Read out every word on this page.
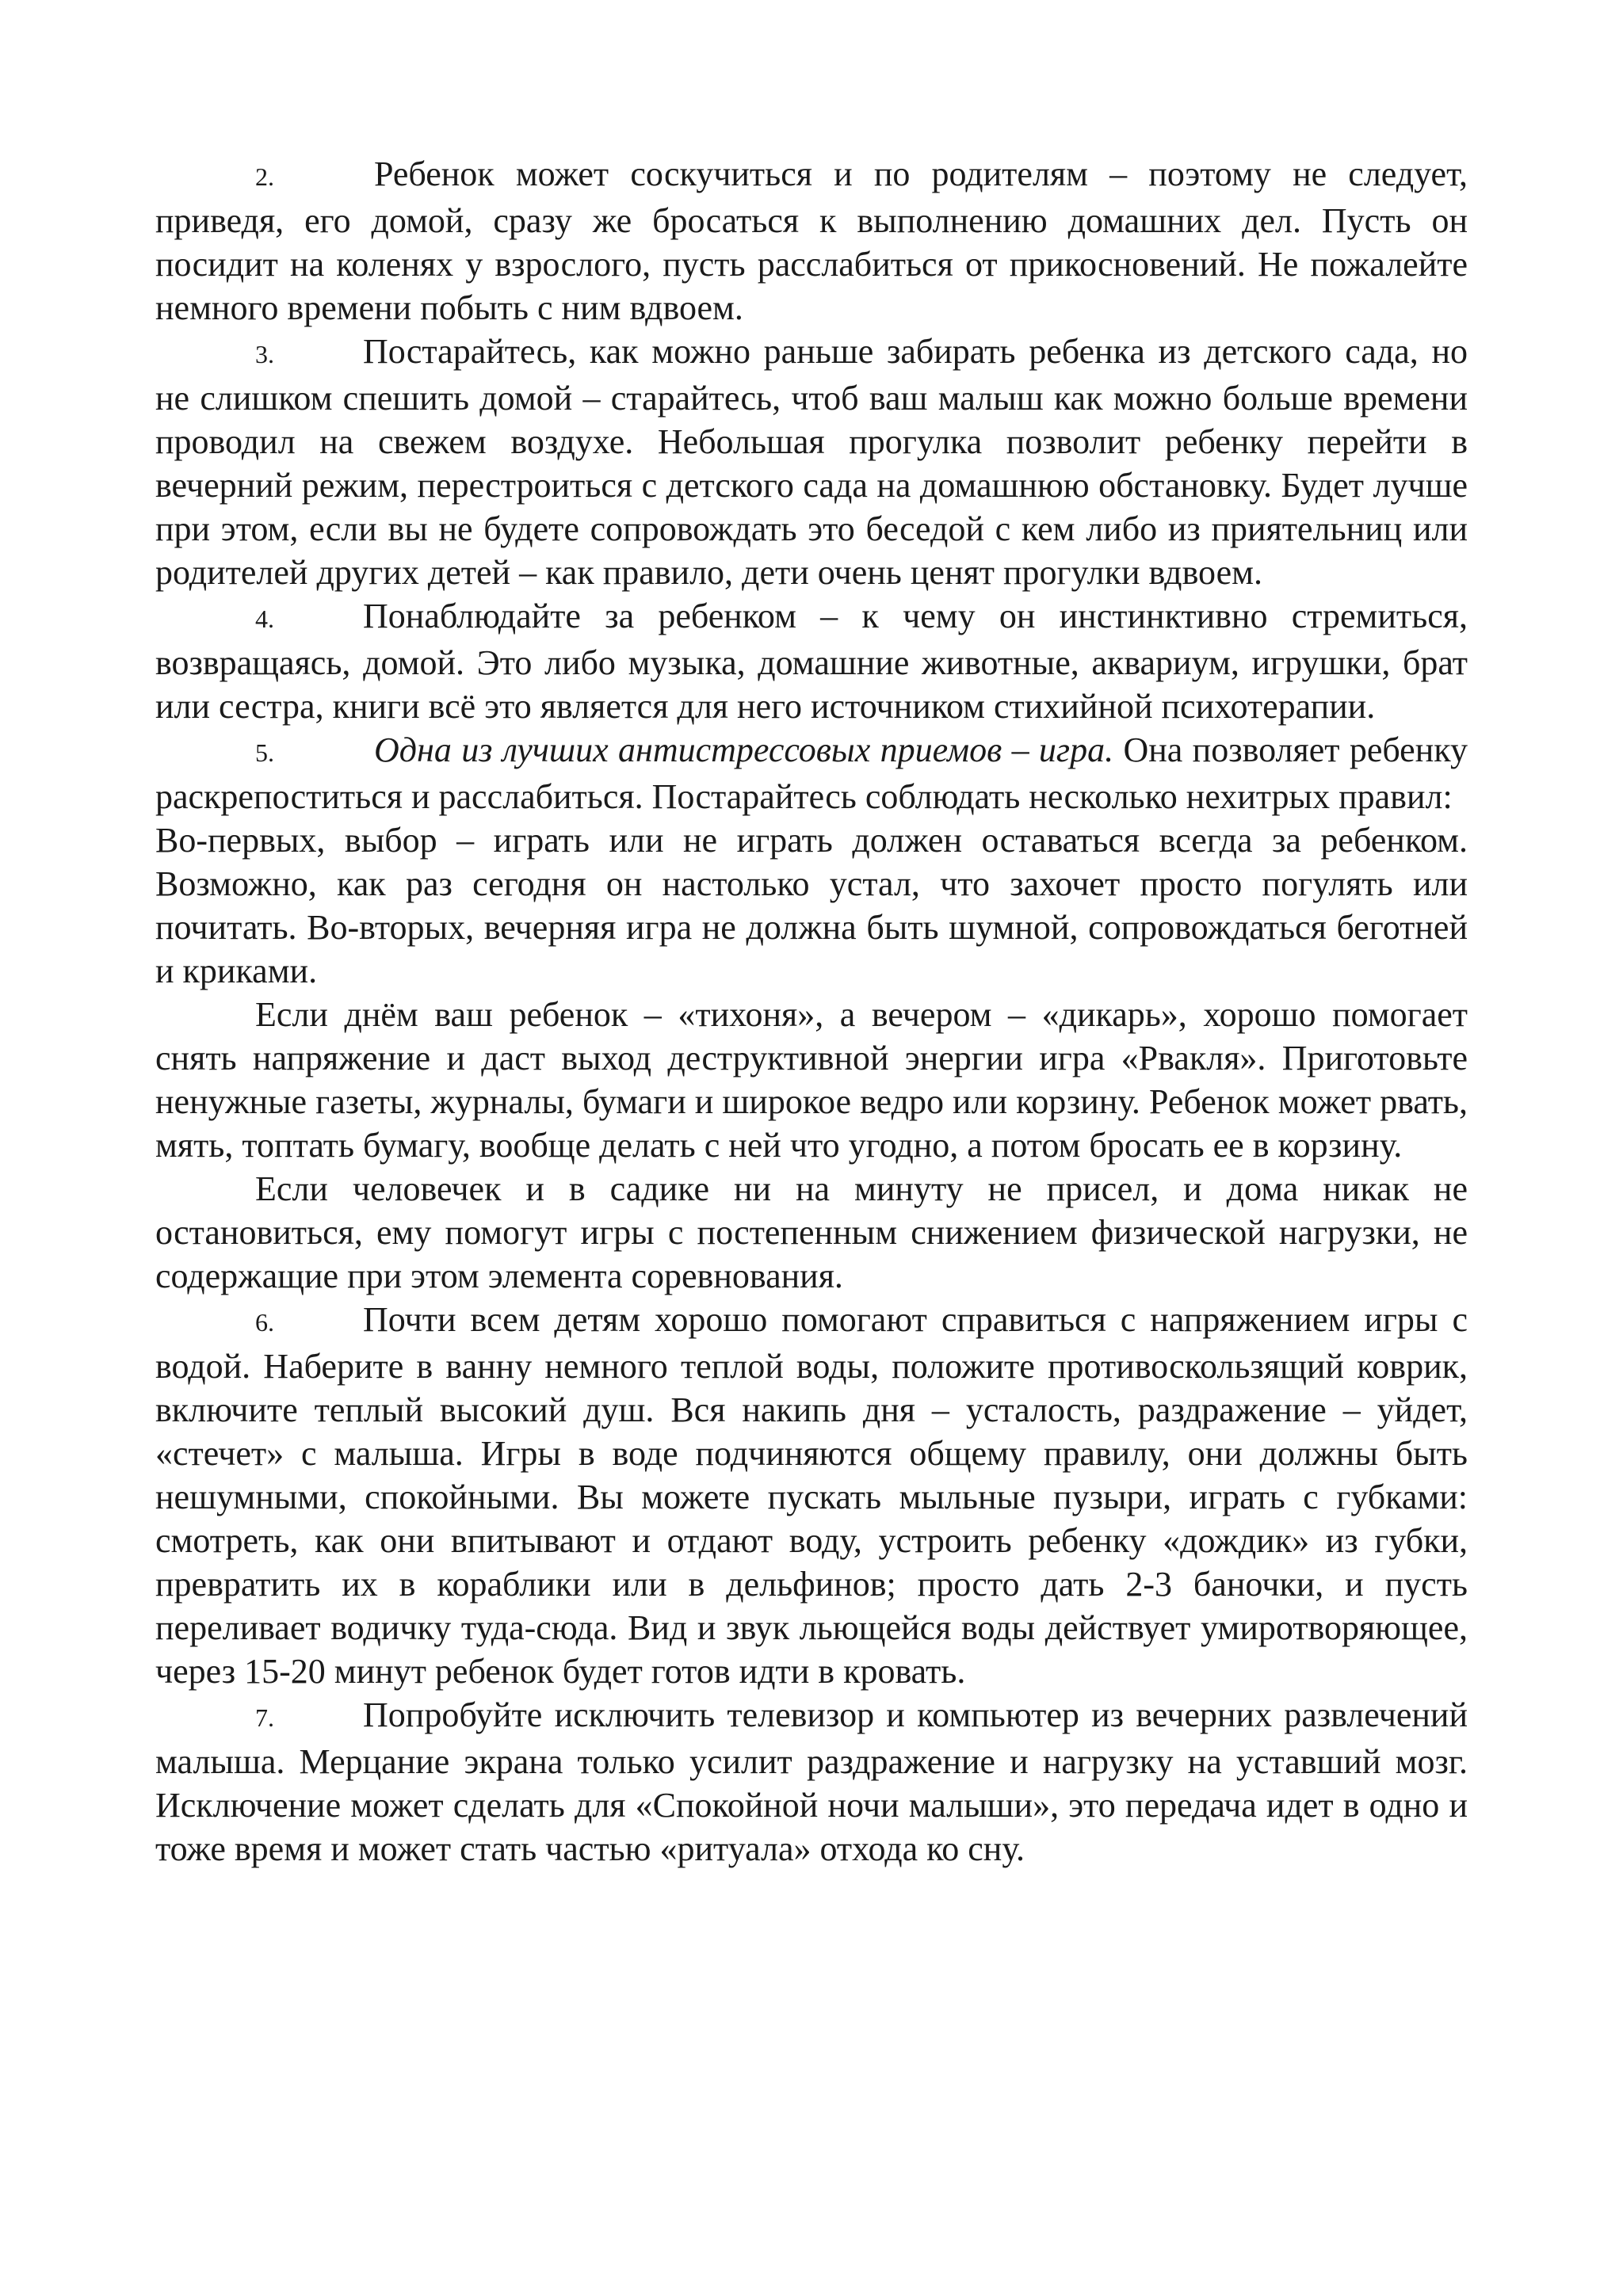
2.	Ребенок может соскучиться и по родителям – поэтому не следует, приведя, его домой, сразу же бросаться к выполнению домашних дел. Пусть он посидит на коленях у взрослого, пусть расслабиться от прикосновений. Не пожалейте немного времени побыть с ним вдвоем.

3.	Постарайтесь, как можно раньше забирать ребенка из детского сада, но не слишком спешить домой – старайтесь, чтоб ваш малыш как можно больше времени проводил на свежем воздухе. Небольшая прогулка позволит ребенку перейти в вечерний режим, перестроиться с детского сада на домашнюю обстановку. Будет лучше при этом, если вы не будете сопровождать это беседой с кем либо из приятельниц или родителей других детей – как правило, дети очень ценят прогулки вдвоем.

4.	Понаблюдайте за ребенком – к чему он инстинктивно стремиться, возвращаясь, домой. Это либо музыка, домашние животные, аквариум, игрушки, брат или сестра, книги всё это является для него источником стихийной психотерапии.

5.	Одна из лучших антистрессовых приемов – игра. Она позволяет ребенку раскрепоститься и расслабиться. Постарайтесь соблюдать несколько нехитрых правил:

Во-первых, выбор – играть или не играть должен оставаться всегда за ребенком. Возможно, как раз сегодня он настолько устал, что захочет просто погулять или почитать. Во-вторых, вечерняя игра не должна быть шумной, сопровождаться беготней и криками.

Если днём ваш ребенок – «тихоня», а вечером – «дикарь», хорошо помогает снять напряжение и даст выход деструктивной энергии игра «Рвакля». Приготовьте ненужные газеты, журналы, бумаги и широкое ведро или корзину. Ребенок может рвать, мять, топтать бумагу, вообще делать с ней что угодно, а потом бросать ее в корзину.

Если человечек и в садике ни на минуту не присел, и дома никак не остановиться, ему помогут игры с постепенным снижением физической нагрузки, не содержащие при этом элемента соревнования.

6.	Почти всем детям хорошо помогают справиться с напряжением игры с водой. Наберите в ванну немного теплой воды, положите противоскользящий коврик, включите теплый высокий душ. Вся накипь дня – усталость, раздражение – уйдет, «стечет» с малыша. Игры в воде подчиняются общему правилу, они должны быть нешумными, спокойными. Вы можете пускать мыльные пузыри, играть с губками: смотреть, как они впитывают и отдают воду, устроить ребенку «дождик» из губки, превратить их в кораблики или в дельфинов; просто дать 2-3 баночки, и пусть переливает водичку туда-сюда. Вид и звук льющейся воды действует умиротворяющее, через 15-20 минут ребенок будет готов идти в кровать.

7.	Попробуйте исключить телевизор и компьютер из вечерних развлечений малыша. Мерцание экрана только усилит раздражение и нагрузку на уставший мозг. Исключение может сделать для «Спокойной ночи малыши», это передача идет в одно и тоже время и может стать частью «ритуала» отхода ко сну.
